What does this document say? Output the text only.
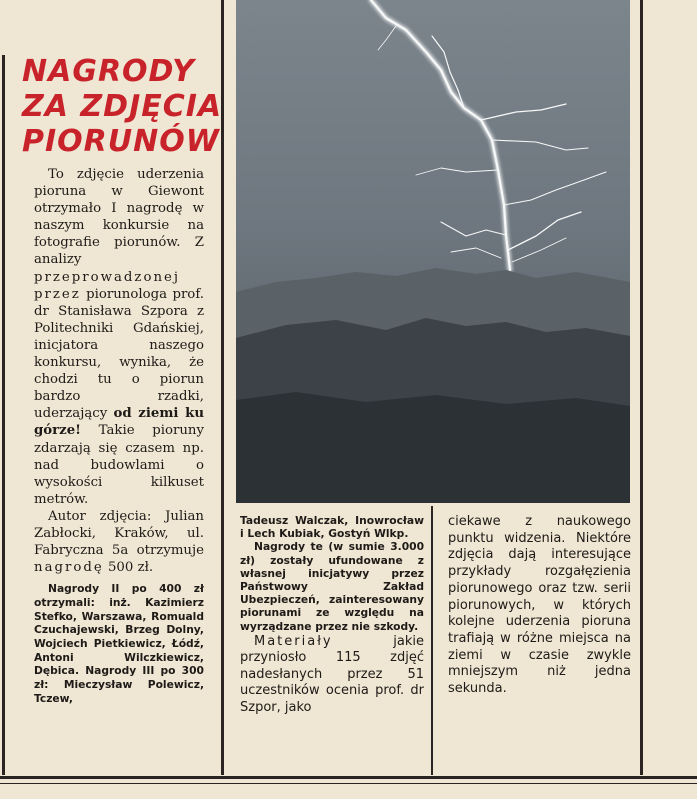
NAGRODY
ZA ZDJĘCIA
PIORUNÓW

To zdjęcie uderzenia pioruna w Giewont otrzymało I nagrodę w naszym konkursie na fotografie piorunów. Z analizy przeprowadzonej przez piorunologa prof. dr Stanisława Szpora z Politechniki Gdańskiej, inicjatora naszego konkursu, wynika, że chodzi tu o piorun bardzo rzadki, uderzający od ziemi ku górze! Takie pioruny zdarzają się czasem np. nad budowlami o wysokości kilkuset metrów.

Autor zdjęcia: Julian Zabłocki, Kraków, ul. Fabryczna 5a otrzymuje nagrodę 500 zł.

Nagrody II po 400 zł otrzymali: inż. Kazimierz Stefko, Warszawa, Romuald Czuchajewski, Brzeg Dolny, Wojciech Pietkiewicz, Łódź, Antoni Wilczkiewicz, Dębica. Nagrody III po 300 zł: Mieczysław Polewicz, Tczew,

Tadeusz Walczak, Inowrocław i Lech Kubiak, Gostyń Wlkp.

Nagrody te (w sumie 3.000 zł) zostały ufundowane z własnej inicjatywy przez Państwowy Zakład Ubezpieczeń, zainteresowany piorunami ze względu na wyrządzane przez nie szkody.

Materiały jakie przyniosło 115 zdjęć nadesłanych przez 51 uczestników ocenia prof. dr Szpor, jako

ciekawe z naukowego punktu widzenia. Niektóre zdjęcia dają interesujące przykłady rozgałęzienia piorunowego oraz tzw. serii piorunowych, w których kolejne uderzenia pioruna trafiają w różne miejsca na ziemi w czasie zwykle mniejszym niż jedna sekunda.
